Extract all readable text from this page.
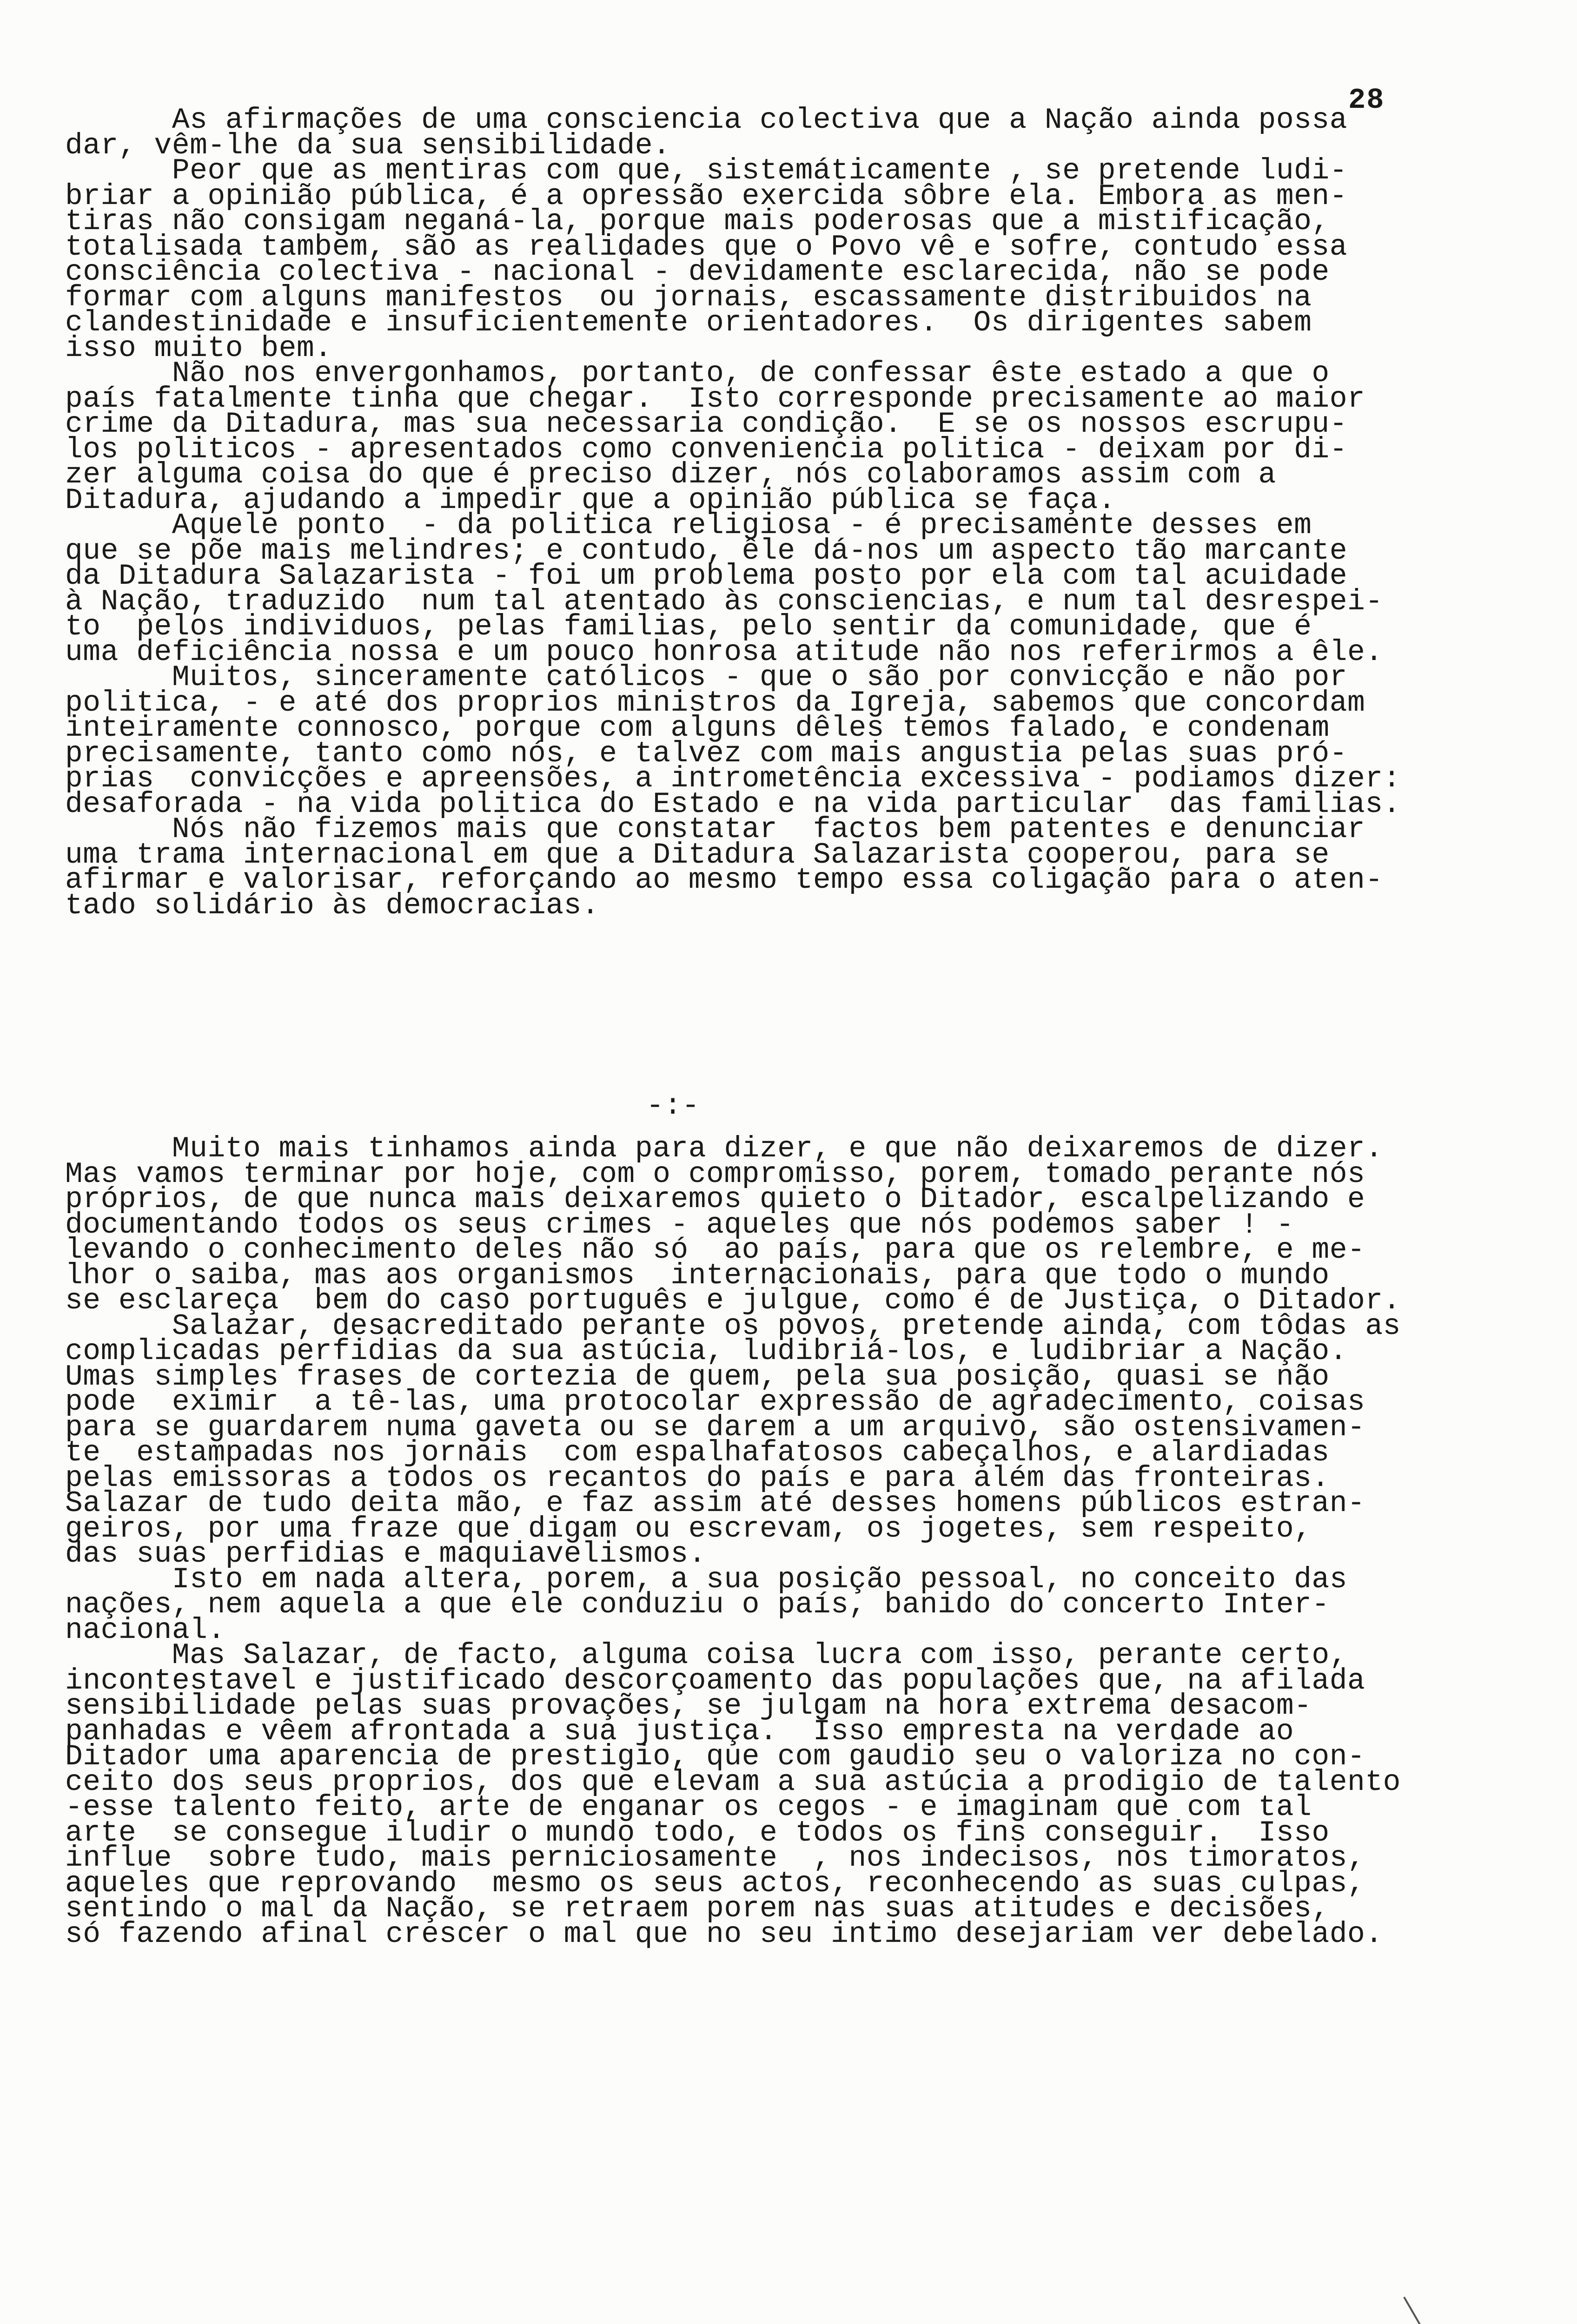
28
As afirmações de uma consciencia colectiva que a Nação ainda possa
dar, vêm-lhe da sua sensibilidade.
Peor que as mentiras com que, sistemáticamente , se pretende ludi-
briar a opinião pública, é a opressão exercida sôbre ela. Embora as men-
tiras não consigam neganá-la, porque mais poderosas que a mistificação,
totalisada tambem, são as realidades que o Povo vê e sofre, contudo essa
consciência colectiva - nacional - devidamente esclarecida, não se pode
formar com alguns manifestos  ou jornais, escassamente distribuidos na
clandestinidade e insuficientemente orientadores.  Os dirigentes sabem
isso muito bem.
Não nos envergonhamos, portanto, de confessar êste estado a que o
país fatalmente tinha que chegar.  Isto corresponde precisamente ao maior
crime da Ditadura, mas sua necessaria condição.  E se os nossos escrupu-
los politicos - apresentados como conveniencia politica - deixam por di-
zer alguma coisa do que é preciso dizer, nós colaboramos assim com a
Ditadura, ajudando a impedir que a opinião pública se faça.
Aquele ponto  - da politica religiosa - é precisamente desses em
que se põe mais melindres; e contudo, êle dá-nos um aspecto tão marcante
da Ditadura Salazarista - foi um problema posto por ela com tal acuidade
à Nação, traduzido  num tal atentado às consciencias, e num tal desrespei-
to  pelos individuos, pelas familias, pelo sentir da comunidade, que é
uma deficiência nossa e um pouco honrosa atitude não nos referirmos a êle.
Muitos, sinceramente católicos - que o são por convicção e não por
politica, - e até dos proprios ministros da Igreja, sabemos que concordam
inteiramente connosco, porque com alguns dêles temos falado, e condenam
precisamente, tanto como nós, e talvez com mais angustia pelas suas pró-
prias  convicções e apreensões, a intrometência excessiva - podiamos dizer:
desaforada - na vida politica do Estado e na vida particular  das familias.
Nós não fizemos mais que constatar  factos bem patentes e denunciar
uma trama internacional em que a Ditadura Salazarista cooperou, para se
afirmar e valorisar, reforçando ao mesmo tempo essa coligação para o aten-
tado solidário às democracias.
-:-
Muito mais tinhamos ainda para dizer, e que não deixaremos de dizer.
Mas vamos terminar por hoje, com o compromisso, porem, tomado perante nós
próprios, de que nunca mais deixaremos quieto o Ditador, escalpelizando e
documentando todos os seus crimes - aqueles que nós podemos saber ! -
levando o conhecimento deles não só  ao país, para que os relembre, e me-
lhor o saiba, mas aos organismos  internacionais, para que todo o mundo
se esclareça  bem do caso português e julgue, como é de Justiça, o Ditador.
Salazar, desacreditado perante os povos, pretende ainda, com tôdas as
complicadas perfidias da sua astúcia, ludibriá-los, e ludibriar a Nação.
Umas simples frases de cortezia de quem, pela sua posição, quasi se não
pode  eximir  a tê-las, uma protocolar expressão de agradecimento, coisas
para se guardarem numa gaveta ou se darem a um arquivo, são ostensivamen-
te  estampadas nos jornais  com espalhafatosos cabeçalhos, e alardiadas
pelas emissoras a todos os recantos do país e para além das fronteiras.
Salazar de tudo deita mão, e faz assim até desses homens públicos estran-
geiros, por uma fraze que digam ou escrevam, os jogetes, sem respeito,
das suas perfidias e maquiavelismos.
Isto em nada altera, porem, a sua posição pessoal, no conceito das
nações, nem aquela a que ele conduziu o país, banido do concerto Inter-
nacional.
Mas Salazar, de facto, alguma coisa lucra com isso, perante certo,
incontestavel e justificado descorçoamento das populações que, na afilada
sensibilidade pelas suas provações, se julgam na hora extrema desacom-
panhadas e vêem afrontada a sua justiça.  Isso empresta na verdade ao
Ditador uma aparencia de prestigio, que com gaudio seu o valoriza no con-
ceito dos seus proprios, dos que elevam a sua astúcia a prodigio de talento
-esse talento feito, arte de enganar os cegos - e imaginam que com tal
arte  se consegue iludir o mundo todo, e todos os fins conseguir.  Isso
influe  sobre tudo, mais perniciosamente  , nos indecisos, nos timoratos,
aqueles que reprovando  mesmo os seus actos, reconhecendo as suas culpas,
sentindo o mal da Nação, se retraem porem nas suas atitudes e decisões,
só fazendo afinal crescer o mal que no seu intimo desejariam ver debelado.
